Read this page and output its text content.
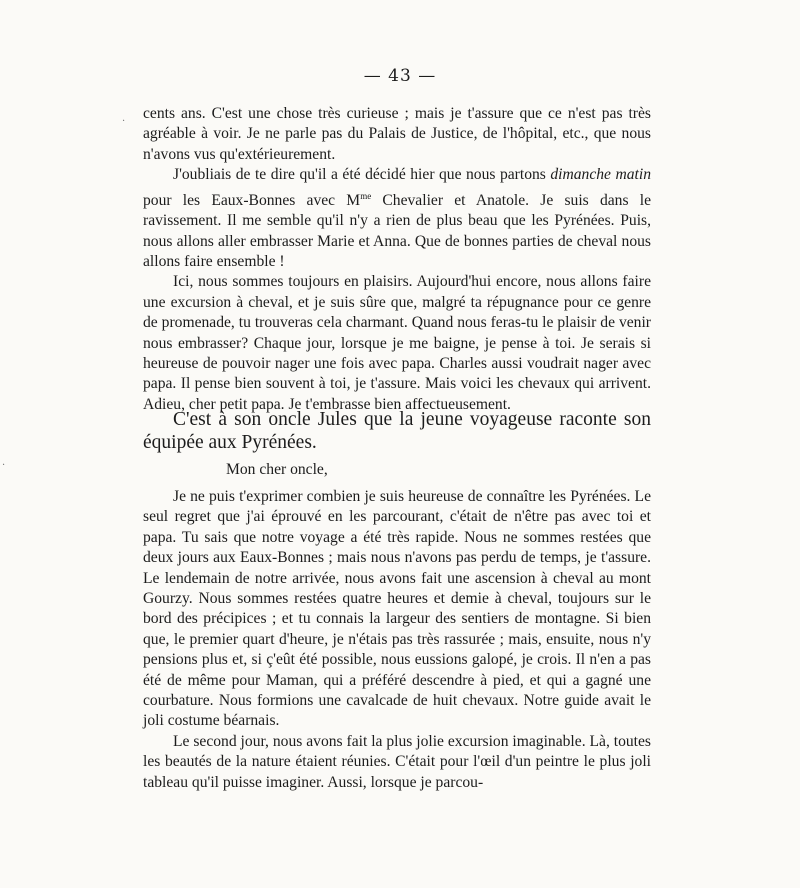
— 43 —

cents ans. C'est une chose très curieuse ; mais je t'assure que ce n'est pas très agréable à voir. Je ne parle pas du Palais de Justice, de l'hôpital, etc., que nous n'avons vus qu'extérieurement.

J'oubliais de te dire qu'il a été décidé hier que nous partons dimanche matin pour les Eaux-Bonnes avec $M^{me}$ Chevalier et Anatole. Je suis dans le ravissement. Il me semble qu'il n'y a rien de plus beau que les Pyrénées. Puis, nous allons aller embrasser Marie et Anna. Que de bonnes parties de cheval nous allons faire ensemble !

Ici, nous sommes toujours en plaisirs. Aujourd'hui encore, nous allons faire une excursion à cheval, et je suis sûre que, malgré ta répugnance pour ce genre de promenade, tu trouveras cela charmant. Quand nous feras-tu le plaisir de venir nous embrasser? Chaque jour, lorsque je me baigne, je pense à toi. Je serais si heureuse de pouvoir nager une fois avec papa. Charles aussi voudrait nager avec papa. Il pense bien souvent à toi, je t'assure. Mais voici les chevaux qui arrivent. Adieu, cher petit papa. Je t'embrasse bien affectueusement.

C'est à son oncle Jules que la jeune voyageuse raconte son équipée aux Pyrénées.
Mon cher oncle,

Je ne puis t'exprimer combien je suis heureuse de connaître les Pyrénées. Le seul regret que j'ai éprouvé en les parcourant, c'était de n'être pas avec toi et papa. Tu sais que notre voyage a été très rapide. Nous ne sommes restées que deux jours aux Eaux-Bonnes ; mais nous n'avons pas perdu de temps, je t'assure. Le lendemain de notre arrivée, nous avons fait une ascension à cheval au mont Gourzy. Nous sommes restées quatre heures et demie à cheval, toujours sur le bord des précipices ; et tu connais la largeur des sentiers de montagne. Si bien que, le premier quart d'heure, je n'étais pas très rassurée ; mais, ensuite, nous n'y pensions plus et, si ç'eût été possible, nous eussions galopé, je crois. Il n'en a pas été de même pour Maman, qui a préféré descendre à pied, et qui a gagné une courbature. Nous formions une cavalcade de huit chevaux. Notre guide avait le joli costume béarnais.

Le second jour, nous avons fait la plus jolie excursion imaginable. Là, toutes les beautés de la nature étaient réunies. C'était pour l'œil d'un peintre le plus joli tableau qu'il puisse imaginer. Aussi, lorsque je parcou-

·
·
